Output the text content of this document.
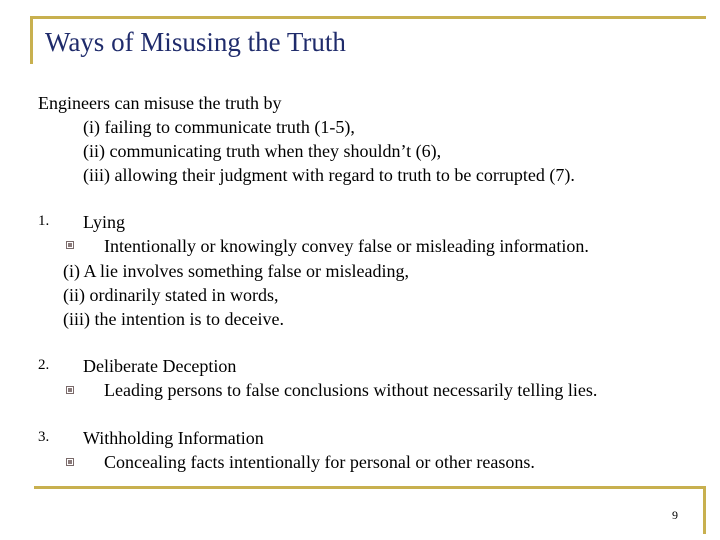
Ways of Misusing the Truth
Engineers can misuse the truth by
(i) failing to communicate truth (1-5),
(ii) communicating truth when they shouldn’t (6),
(iii) allowing their judgment with regard to truth to be corrupted (7).
1. Lying
Intentionally or knowingly convey false or misleading information.
(i) A lie involves something false or misleading,
(ii) ordinarily stated in words,
(iii) the intention is to deceive.
2. Deliberate Deception
Leading persons to false conclusions without necessarily telling lies.
3. Withholding Information
Concealing facts intentionally for personal or other reasons.
9
